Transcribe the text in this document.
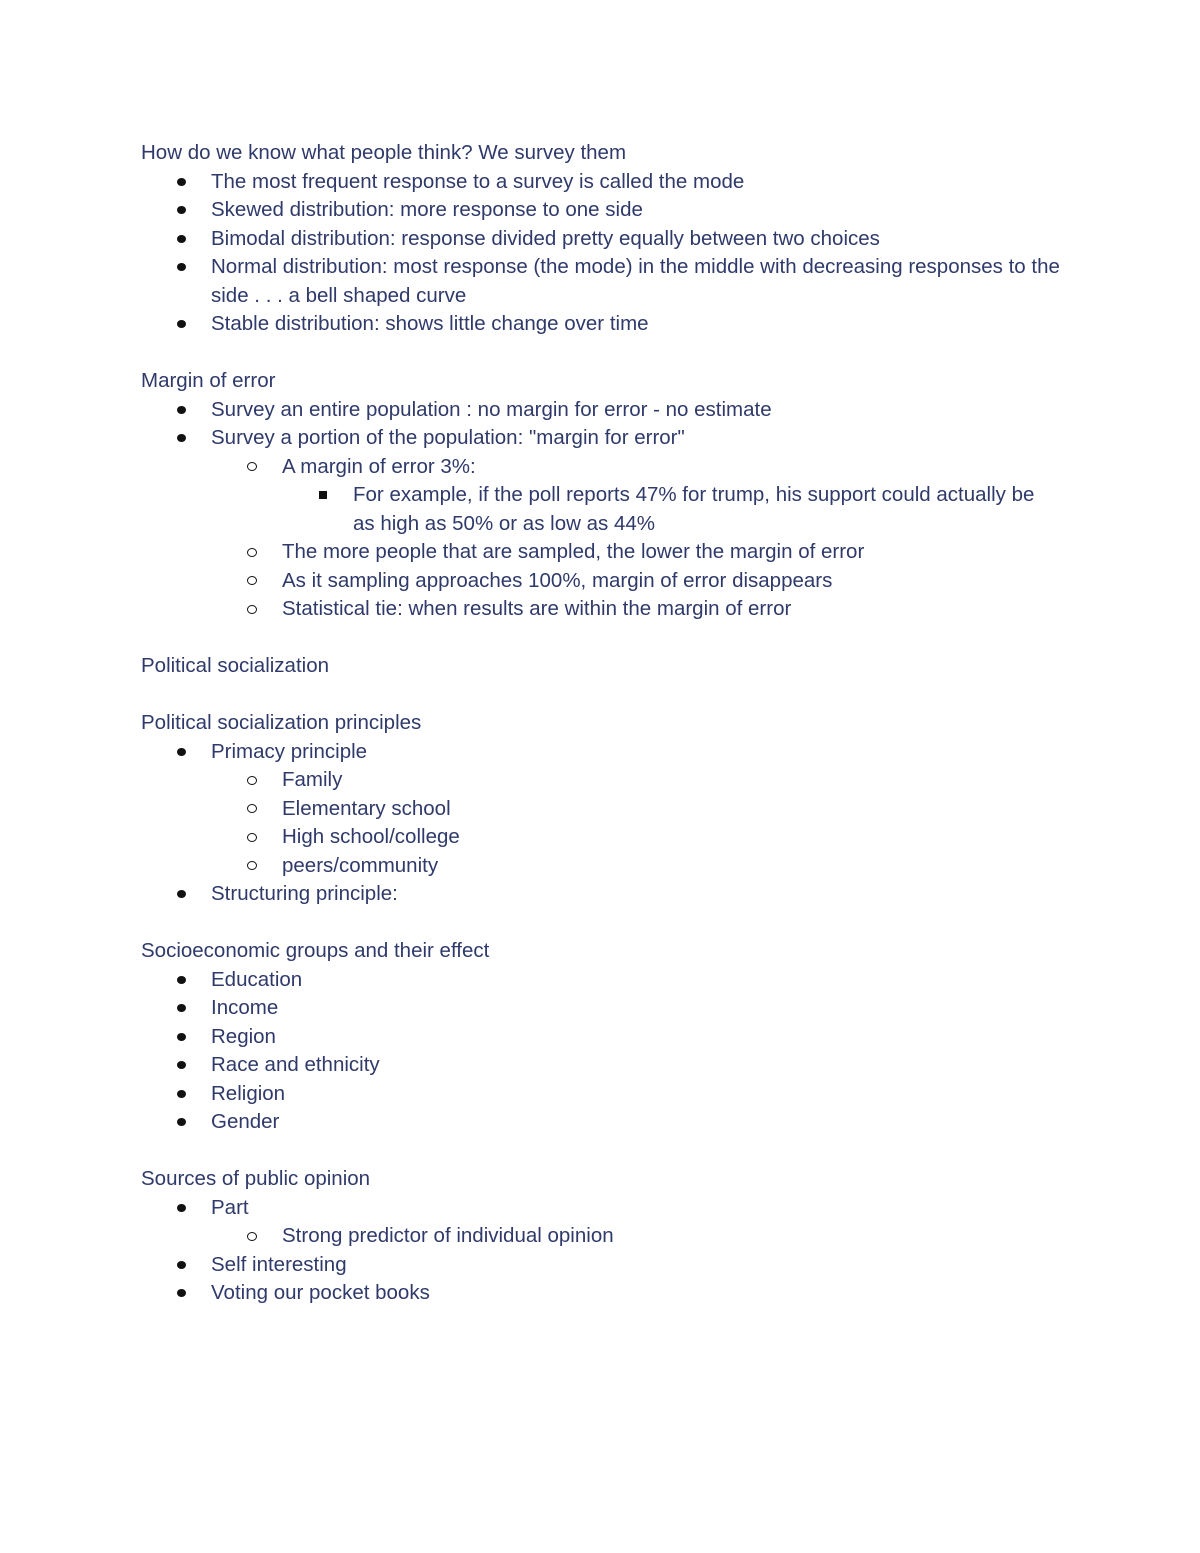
How do we know what people think? We survey them

The most frequent response to a survey is called the mode
Skewed distribution: more response to one side
Bimodal distribution: response divided pretty equally between two choices
Normal distribution: most response (the mode) in the middle with decreasing responses to the side . . . a bell shaped curve
Stable distribution: shows little change over time

Margin of error

Survey an entire population : no margin for error - no estimate
Survey a portion of the population: "margin for error"
A margin of error 3%:
For example, if the poll reports 47% for trump, his support could actually be as high as 50% or as low as 44%
The more people that are sampled, the lower the margin of error
As it sampling approaches 100%, margin of error disappears
Statistical tie: when results are within the margin of error

Political socialization

Political socialization principles

Primacy principle
Family
Elementary school
High school/college
peers/community
Structuring principle:

Socioeconomic groups and their effect

Education
Income
Region
Race and ethnicity
Religion
Gender

Sources of public opinion

Part
Strong predictor of individual opinion
Self interesting
Voting our pocket books
